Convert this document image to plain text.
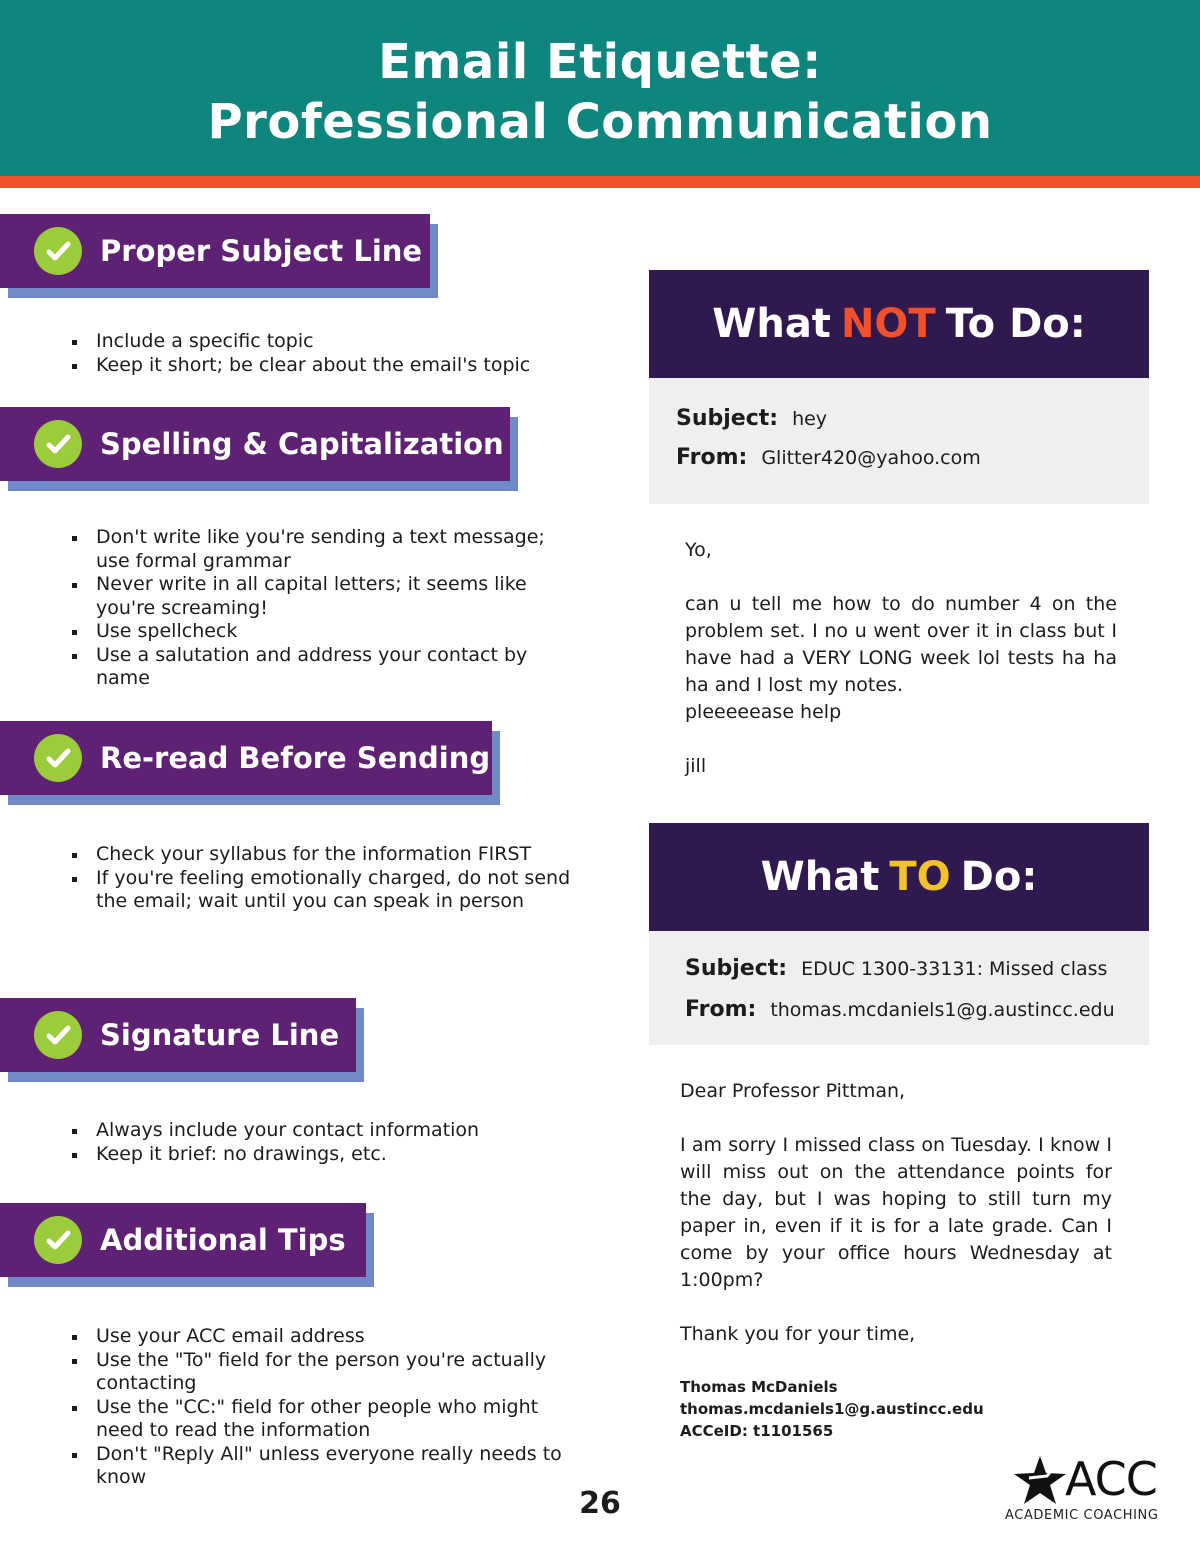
Email Etiquette:
Professional Communication
Proper Subject Line
Include a specific topic
Keep it short; be clear about the email's topic
Spelling & Capitalization
Don't write like you're sending a text message; use formal grammar
Never write in all capital letters; it seems like you're screaming!
Use spellcheck
Use a salutation and address your contact by name
Re-read Before Sending
Check your syllabus for the information FIRST
If you're feeling emotionally charged, do not send the email; wait until you can speak in person
Signature Line
Always include your contact information
Keep it brief: no drawings, etc.
Additional Tips
Use your ACC email address
Use the "To" field for the person you're actually contacting
Use the "CC:" field for other people who might need to read the information
Don't "Reply All" unless everyone really needs to know
What NOT To Do:
Subject: hey
From: Glitter420@yahoo.com

Yo,

can u tell me how to do number 4 on the problem set. I no u went over it in class but I have had a VERY LONG week lol tests ha ha ha and I lost my notes.

pleeeeease help

jill

What TO Do:
Subject: EDUC 1300-33131: Missed class
From: thomas.mcdaniels1@g.austincc.edu

Dear Professor Pittman,

I am sorry I missed class on Tuesday. I know I will miss out on the attendance points for the day, but I was hoping to still turn my paper in, even if it is for a late grade. Can I come by your office hours Wednesday at 1:00pm?

Thank you for your time,

Thomas McDaniels
thomas.mcdaniels1@g.austincc.edu
ACCeID: t1101565
26	ACC
ACADEMIC COACHING
